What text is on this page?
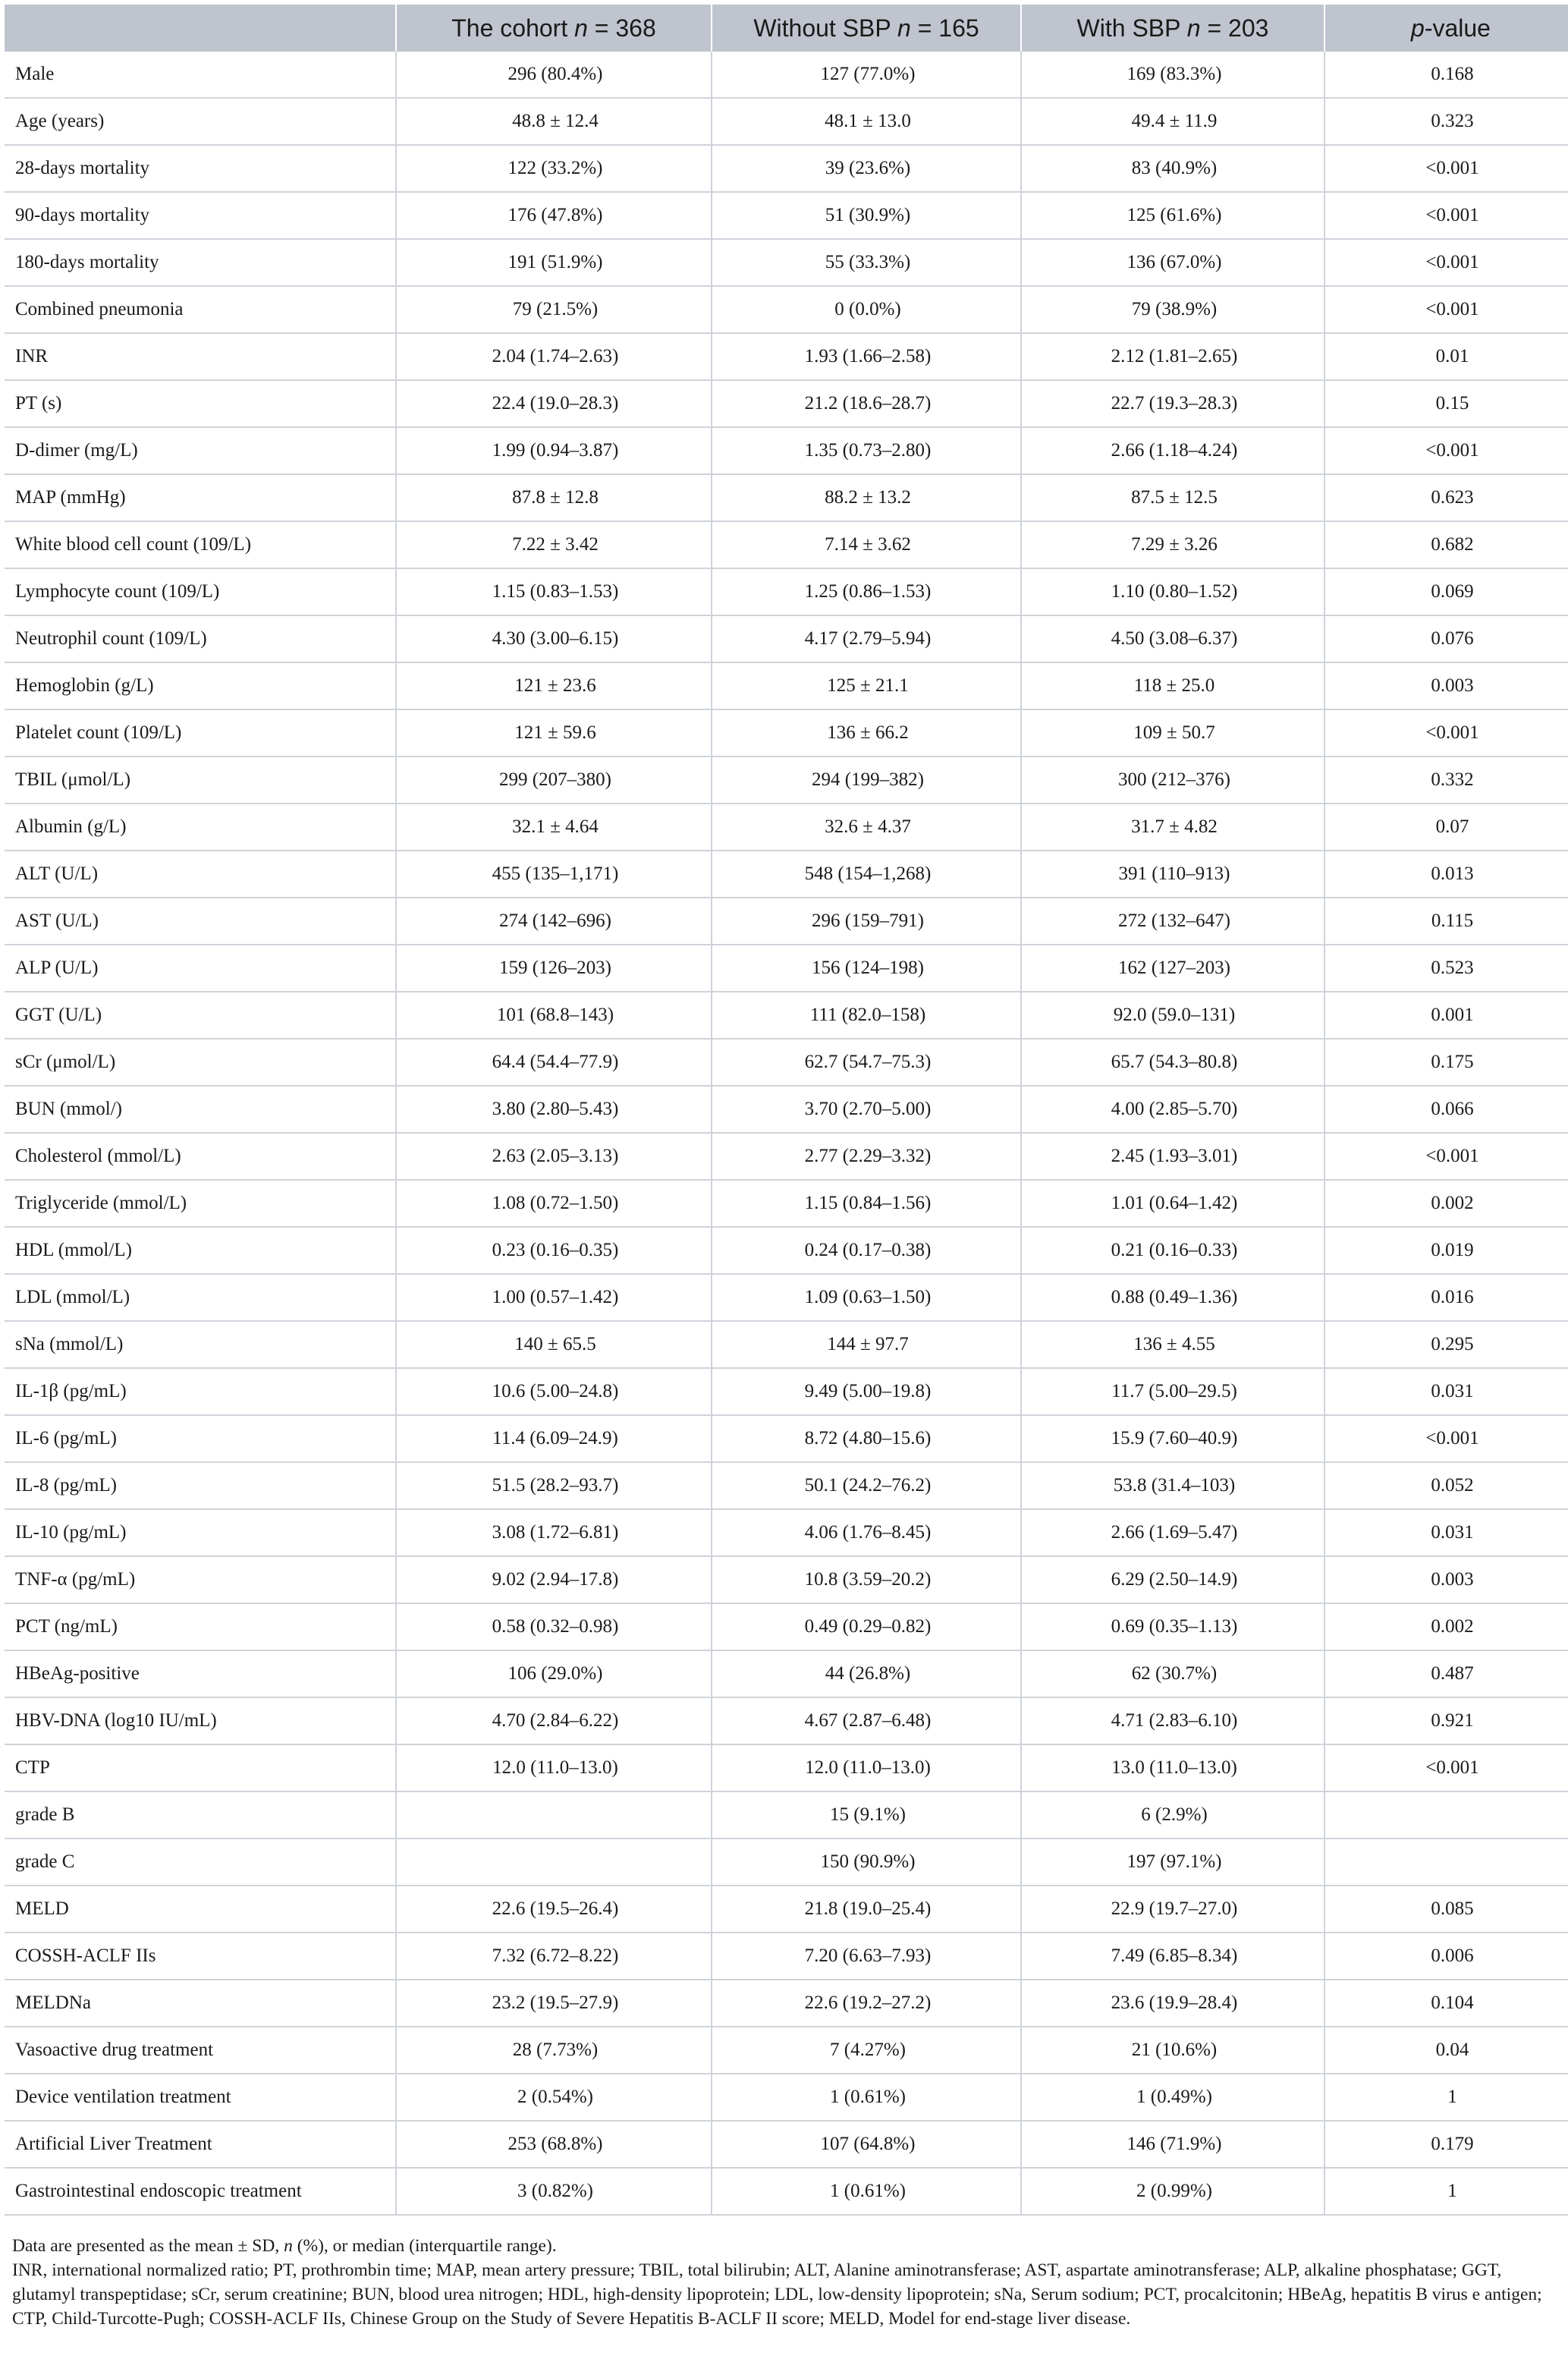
	The cohort n = 368	Without SBP n = 165	With SBP n = 203	p-value
Male	296 (80.4%)	127 (77.0%)	169 (83.3%)	0.168
Age (years)	48.8 ± 12.4	48.1 ± 13.0	49.4 ± 11.9	0.323
28-days mortality	122 (33.2%)	39 (23.6%)	83 (40.9%)	<0.001
90-days mortality	176 (47.8%)	51 (30.9%)	125 (61.6%)	<0.001
180-days mortality	191 (51.9%)	55 (33.3%)	136 (67.0%)	<0.001
Combined pneumonia	79 (21.5%)	0 (0.0%)	79 (38.9%)	<0.001
INR	2.04 (1.74–2.63)	1.93 (1.66–2.58)	2.12 (1.81–2.65)	0.01
PT (s)	22.4 (19.0–28.3)	21.2 (18.6–28.7)	22.7 (19.3–28.3)	0.15
D-dimer (mg/L)	1.99 (0.94–3.87)	1.35 (0.73–2.80)	2.66 (1.18–4.24)	<0.001
MAP (mmHg)	87.8 ± 12.8	88.2 ± 13.2	87.5 ± 12.5	0.623
White blood cell count (109/L)	7.22 ± 3.42	7.14 ± 3.62	7.29 ± 3.26	0.682
Lymphocyte count (109/L)	1.15 (0.83–1.53)	1.25 (0.86–1.53)	1.10 (0.80–1.52)	0.069
Neutrophil count (109/L)	4.30 (3.00–6.15)	4.17 (2.79–5.94)	4.50 (3.08–6.37)	0.076
Hemoglobin (g/L)	121 ± 23.6	125 ± 21.1	118 ± 25.0	0.003
Platelet count (109/L)	121 ± 59.6	136 ± 66.2	109 ± 50.7	<0.001
TBIL (μmol/L)	299 (207–380)	294 (199–382)	300 (212–376)	0.332
Albumin (g/L)	32.1 ± 4.64	32.6 ± 4.37	31.7 ± 4.82	0.07
ALT (U/L)	455 (135–1,171)	548 (154–1,268)	391 (110–913)	0.013
AST (U/L)	274 (142–696)	296 (159–791)	272 (132–647)	0.115
ALP (U/L)	159 (126–203)	156 (124–198)	162 (127–203)	0.523
GGT (U/L)	101 (68.8–143)	111 (82.0–158)	92.0 (59.0–131)	0.001
sCr (μmol/L)	64.4 (54.4–77.9)	62.7 (54.7–75.3)	65.7 (54.3–80.8)	0.175
BUN (mmol/)	3.80 (2.80–5.43)	3.70 (2.70–5.00)	4.00 (2.85–5.70)	0.066
Cholesterol (mmol/L)	2.63 (2.05–3.13)	2.77 (2.29–3.32)	2.45 (1.93–3.01)	<0.001
Triglyceride (mmol/L)	1.08 (0.72–1.50)	1.15 (0.84–1.56)	1.01 (0.64–1.42)	0.002
HDL (mmol/L)	0.23 (0.16–0.35)	0.24 (0.17–0.38)	0.21 (0.16–0.33)	0.019
LDL (mmol/L)	1.00 (0.57–1.42)	1.09 (0.63–1.50)	0.88 (0.49–1.36)	0.016
sNa (mmol/L)	140 ± 65.5	144 ± 97.7	136 ± 4.55	0.295
IL-1β (pg/mL)	10.6 (5.00–24.8)	9.49 (5.00–19.8)	11.7 (5.00–29.5)	0.031
IL-6 (pg/mL)	11.4 (6.09–24.9)	8.72 (4.80–15.6)	15.9 (7.60–40.9)	<0.001
IL-8 (pg/mL)	51.5 (28.2–93.7)	50.1 (24.2–76.2)	53.8 (31.4–103)	0.052
IL-10 (pg/mL)	3.08 (1.72–6.81)	4.06 (1.76–8.45)	2.66 (1.69–5.47)	0.031
TNF-α (pg/mL)	9.02 (2.94–17.8)	10.8 (3.59–20.2)	6.29 (2.50–14.9)	0.003
PCT (ng/mL)	0.58 (0.32–0.98)	0.49 (0.29–0.82)	0.69 (0.35–1.13)	0.002
HBeAg-positive	106 (29.0%)	44 (26.8%)	62 (30.7%)	0.487
HBV-DNA (log10 IU/mL)	4.70 (2.84–6.22)	4.67 (2.87–6.48)	4.71 (2.83–6.10)	0.921
CTP	12.0 (11.0–13.0)	12.0 (11.0–13.0)	13.0 (11.0–13.0)	<0.001
grade B		15 (9.1%)	6 (2.9%)	
grade C		150 (90.9%)	197 (97.1%)	
MELD	22.6 (19.5–26.4)	21.8 (19.0–25.4)	22.9 (19.7–27.0)	0.085
COSSH-ACLF IIs	7.32 (6.72–8.22)	7.20 (6.63–7.93)	7.49 (6.85–8.34)	0.006
MELDNa	23.2 (19.5–27.9)	22.6 (19.2–27.2)	23.6 (19.9–28.4)	0.104
Vasoactive drug treatment	28 (7.73%)	7 (4.27%)	21 (10.6%)	0.04
Device ventilation treatment	2 (0.54%)	1 (0.61%)	1 (0.49%)	1
Artificial Liver Treatment	253 (68.8%)	107 (64.8%)	146 (71.9%)	0.179
Gastrointestinal endoscopic treatment	3 (0.82%)	1 (0.61%)	2 (0.99%)	1
Data are presented as the mean ± SD, n (%), or median (interquartile range).
INR, international normalized ratio; PT, prothrombin time; MAP, mean artery pressure; TBIL, total bilirubin; ALT, Alanine aminotransferase; AST, aspartate aminotransferase; ALP, alkaline phosphatase; GGT, glutamyl transpeptidase; sCr, serum creatinine; BUN, blood urea nitrogen; HDL, high-density lipoprotein; LDL, low-density lipoprotein; sNa, Serum sodium; PCT, procalcitonin; HBeAg, hepatitis B virus e antigen; CTP, Child-Turcotte-Pugh; COSSH-ACLF IIs, Chinese Group on the Study of Severe Hepatitis B-ACLF II score; MELD, Model for end-stage liver disease.
